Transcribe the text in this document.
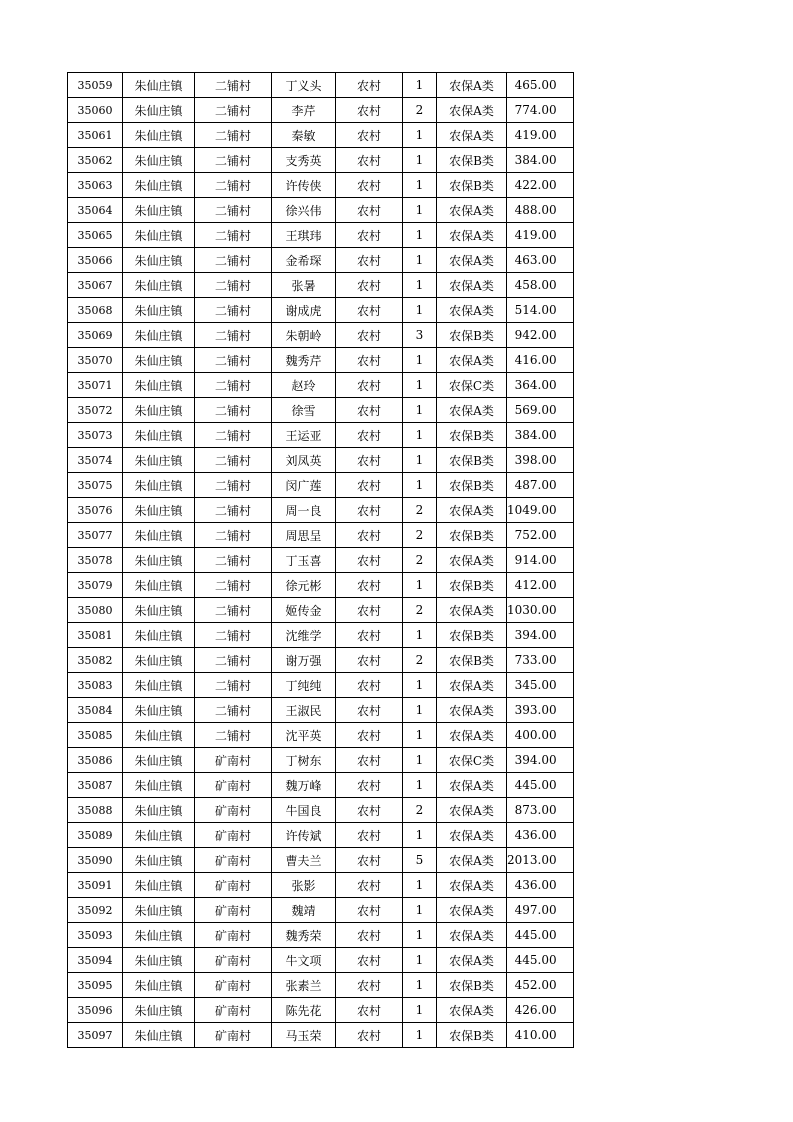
35059	朱仙庄镇	二铺村	丁义头	农村	1	农保A类	465.00
35060	朱仙庄镇	二铺村	李芹	农村	2	农保A类	774.00
35061	朱仙庄镇	二铺村	秦敏	农村	1	农保A类	419.00
35062	朱仙庄镇	二铺村	支秀英	农村	1	农保B类	384.00
35063	朱仙庄镇	二铺村	许传侠	农村	1	农保B类	422.00
35064	朱仙庄镇	二铺村	徐兴伟	农村	1	农保A类	488.00
35065	朱仙庄镇	二铺村	王琪玮	农村	1	农保A类	419.00
35066	朱仙庄镇	二铺村	金希琛	农村	1	农保A类	463.00
35067	朱仙庄镇	二铺村	张暑	农村	1	农保A类	458.00
35068	朱仙庄镇	二铺村	谢成虎	农村	1	农保A类	514.00
35069	朱仙庄镇	二铺村	朱朝岭	农村	3	农保B类	942.00
35070	朱仙庄镇	二铺村	魏秀芹	农村	1	农保A类	416.00
35071	朱仙庄镇	二铺村	赵玲	农村	1	农保C类	364.00
35072	朱仙庄镇	二铺村	徐雪	农村	1	农保A类	569.00
35073	朱仙庄镇	二铺村	王运亚	农村	1	农保B类	384.00
35074	朱仙庄镇	二铺村	刘凤英	农村	1	农保B类	398.00
35075	朱仙庄镇	二铺村	闵广莲	农村	1	农保B类	487.00
35076	朱仙庄镇	二铺村	周一良	农村	2	农保A类	1049.00
35077	朱仙庄镇	二铺村	周思呈	农村	2	农保B类	752.00
35078	朱仙庄镇	二铺村	丁玉喜	农村	2	农保A类	914.00
35079	朱仙庄镇	二铺村	徐元彬	农村	1	农保B类	412.00
35080	朱仙庄镇	二铺村	姬传金	农村	2	农保A类	1030.00
35081	朱仙庄镇	二铺村	沈维学	农村	1	农保B类	394.00
35082	朱仙庄镇	二铺村	谢万强	农村	2	农保B类	733.00
35083	朱仙庄镇	二铺村	丁纯纯	农村	1	农保A类	345.00
35084	朱仙庄镇	二铺村	王淑民	农村	1	农保A类	393.00
35085	朱仙庄镇	二铺村	沈平英	农村	1	农保A类	400.00
35086	朱仙庄镇	矿南村	丁树东	农村	1	农保C类	394.00
35087	朱仙庄镇	矿南村	魏万峰	农村	1	农保A类	445.00
35088	朱仙庄镇	矿南村	牛国良	农村	2	农保A类	873.00
35089	朱仙庄镇	矿南村	许传斌	农村	1	农保A类	436.00
35090	朱仙庄镇	矿南村	曹夫兰	农村	5	农保A类	2013.00
35091	朱仙庄镇	矿南村	张影	农村	1	农保A类	436.00
35092	朱仙庄镇	矿南村	魏靖	农村	1	农保A类	497.00
35093	朱仙庄镇	矿南村	魏秀荣	农村	1	农保A类	445.00
35094	朱仙庄镇	矿南村	牛文项	农村	1	农保A类	445.00
35095	朱仙庄镇	矿南村	张素兰	农村	1	农保B类	452.00
35096	朱仙庄镇	矿南村	陈先花	农村	1	农保A类	426.00
35097	朱仙庄镇	矿南村	马玉荣	农村	1	农保B类	410.00
